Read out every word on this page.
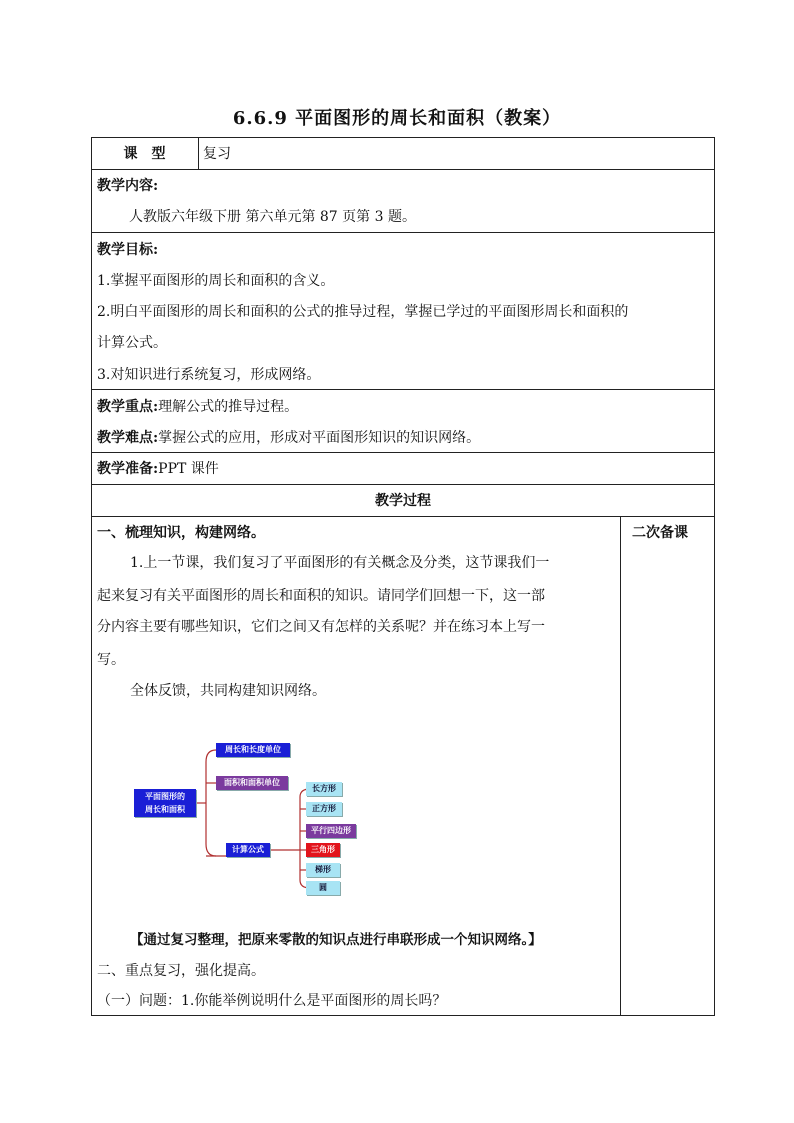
6.6.9 平面图形的周长和面积（教案）
课　型	复习
教学内容:
人教版六年级下册 第六单元第 87 页第 3 题。
教学目标:
1.掌握平面图形的周长和面积的含义。
2.明白平面图形的周长和面积的公式的推导过程，掌握已学过的平面图形周长和面积的
计算公式。
3.对知识进行系统复习，形成网络。
教学重点:理解公式的推导过程。
教学难点:掌握公式的应用，形成对平面图形知识的知识网络。
教学准备:PPT 课件
教学过程
二次备课
一、梳理知识，构建网络。
1.上一节课，我们复习了平面图形的有关概念及分类，这节课我们一
起来复习有关平面图形的周长和面积的知识。请同学们回想一下，这一部
分内容主要有哪些知识，它们之间又有怎样的关系呢？并在练习本上写一
写。
全体反馈，共同构建知识网络。
平面图形的
周长和面积
周长和长度单位
面积和面积单位
计算公式
长方形
正方形
平行四边形
三角形
梯形
圆
【通过复习整理，把原来零散的知识点进行串联形成一个知识网络。】
二、重点复习，强化提高。
（一）问题：1.你能举例说明什么是平面图形的周长吗？
